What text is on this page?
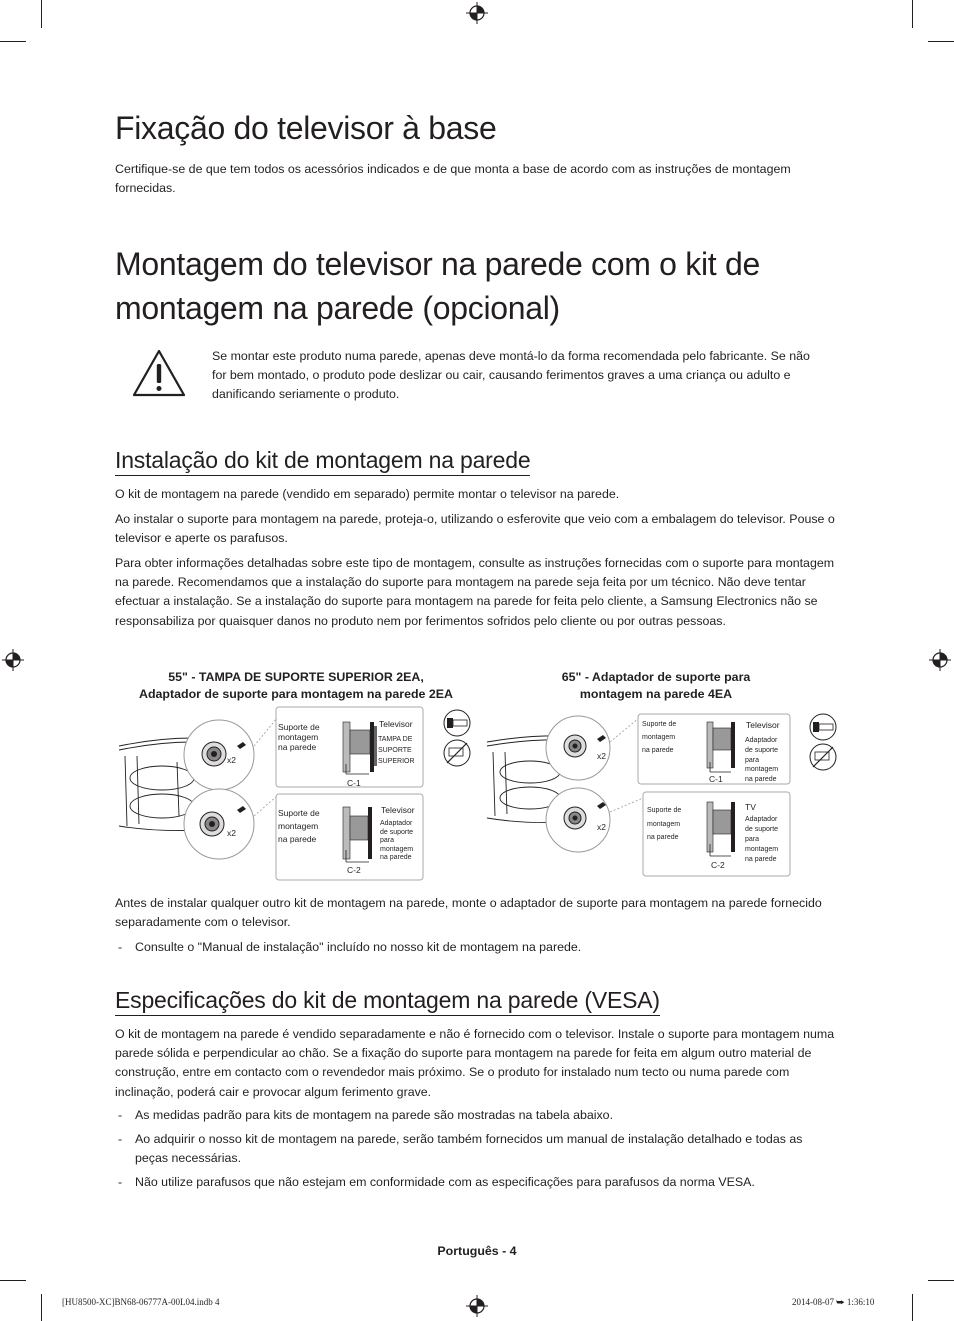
Fixação do televisor à base

Certifique-se de que tem todos os acessórios indicados e de que monta a base de acordo com as instruções de montagem fornecidas.

Montagem do televisor na parede com o kit de
montagem na parede (opcional)

Se montar este produto numa parede, apenas deve montá-lo da forma recomendada pelo fabricante. Se não for bem montado, o produto pode deslizar ou cair, causando ferimentos graves a uma criança ou adulto e danificando seriamente o produto.

Instalação do kit de montagem na parede

O kit de montagem na parede (vendido em separado) permite montar o televisor na parede.

Ao instalar o suporte para montagem na parede, proteja-o, utilizando o esferovite que veio com a embalagem do televisor. Pouse o televisor e aperte os parafusos.

Para obter informações detalhadas sobre este tipo de montagem, consulte as instruções fornecidas com o suporte para montagem na parede. Recomendamos que a instalação do suporte para montagem na parede seja feita por um técnico. Não deve tentar efectuar a instalação. Se a instalação do suporte para montagem na parede for feita pelo cliente, a Samsung Electronics não se responsabiliza por quaisquer danos no produto nem por ferimentos sofridos pelo cliente ou por outras pessoas.

55" - TAMPA DE SUPORTE SUPERIOR 2EA,
Adaptador de suporte para montagem na parede 2EA
65" - Adaptador de suporte para
montagem na parede 4EA
x2
x2
Suporte de
montagem
na parede
Televisor
TAMPA DE
SUPORTE
SUPERIOR
C-1
Suporte de
montagem
na parede
Televisor
Adaptador
de suporte
para
montagem
na parede
C-2
x2
x2
Suporte de
montagem
na parede
Televisor
Adaptador
de suporte
para
montagem
na parede
C-1
Suporte de
montagem
na parede
TV
Adaptador
de suporte
para
montagem
na parede
C-2

Antes de instalar qualquer outro kit de montagem na parede, monte o adaptador de suporte para montagem na parede fornecido separadamente com o televisor.

- Consulte o "Manual de instalação" incluído no nosso kit de montagem na parede.
Especificações do kit de montagem na parede (VESA)

O kit de montagem na parede é vendido separadamente e não é fornecido com o televisor. Instale o suporte para montagem numa parede sólida e perpendicular ao chão. Se a fixação do suporte para montagem na parede for feita em algum outro material de construção, entre em contacto com o revendedor mais próximo. Se o produto for instalado num tecto ou numa parede com inclinação, poderá cair e provocar algum ferimento grave.

- As medidas padrão para kits de montagem na parede são mostradas na tabela abaixo.
- Ao adquirir o nosso kit de montagem na parede, serão também fornecidos um manual de instalação detalhado e todas as peças necessárias.
- Não utilize parafusos que não estejam em conformidade com as especificações para parafusos da norma VESA.
Português - 4
[HU8500-XC]BN68-06777A-00L04.indb 4	2014-08-07 ⮩ 1:36:10
